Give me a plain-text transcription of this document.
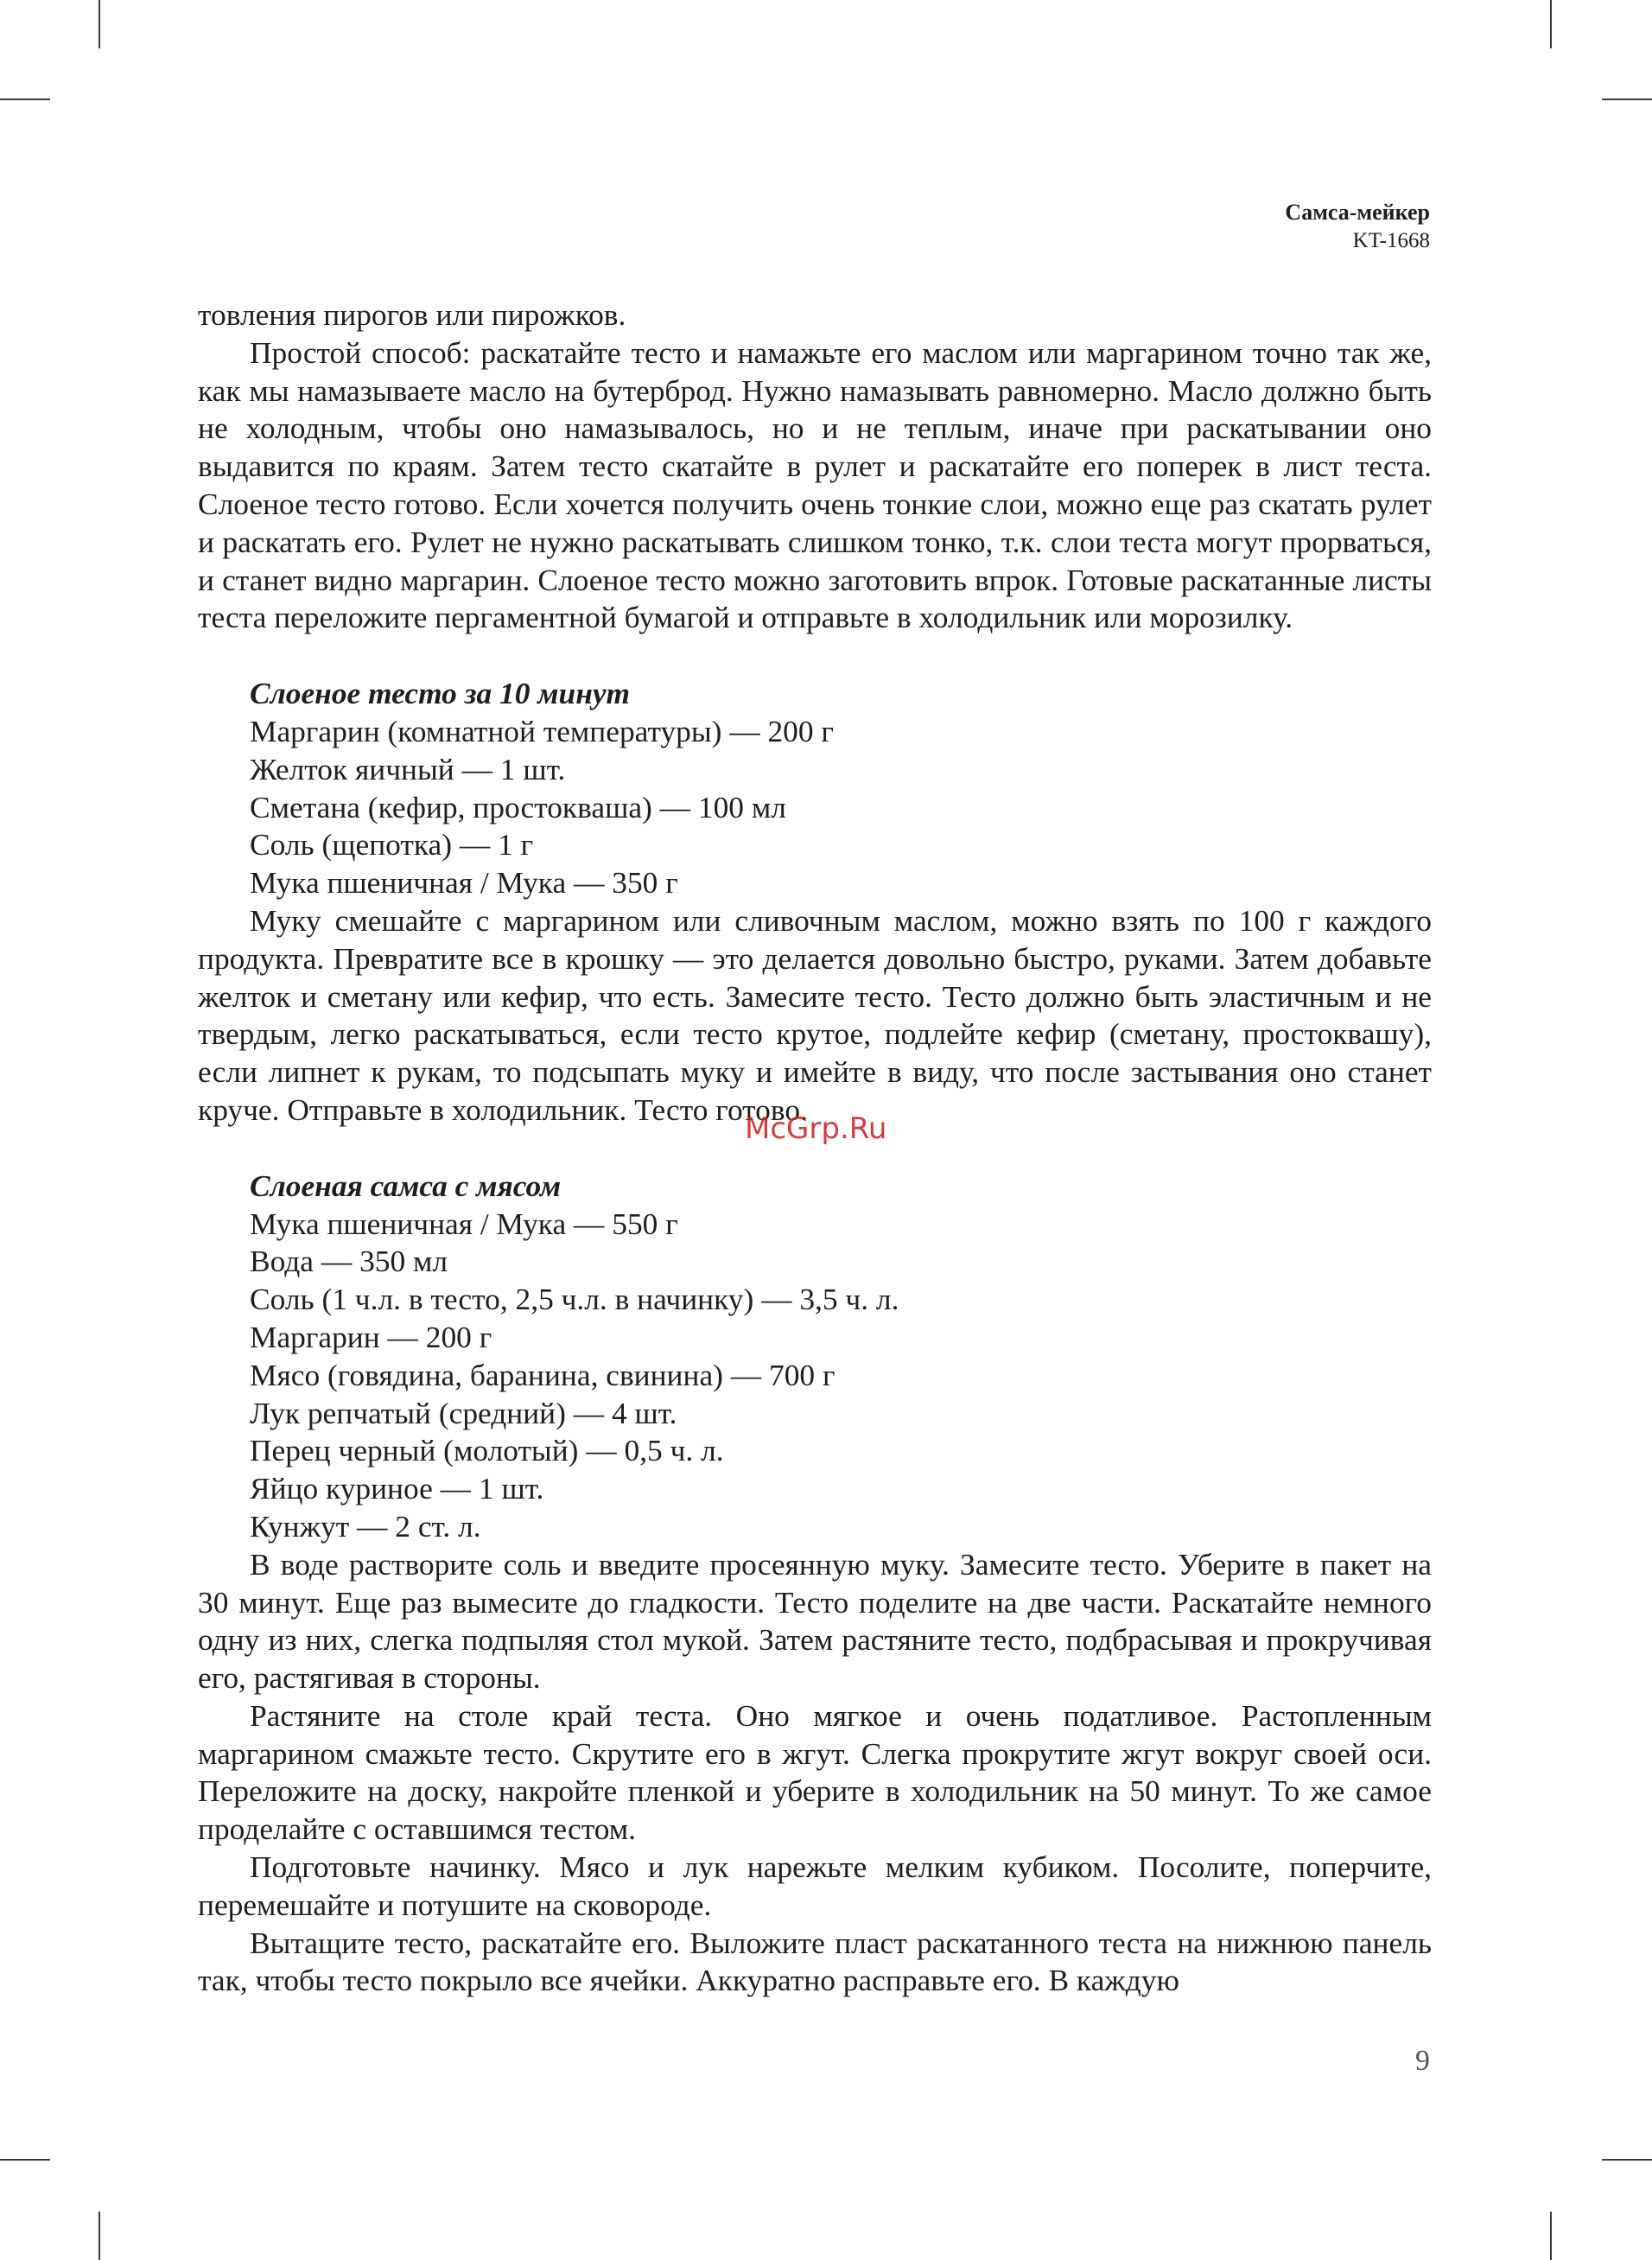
Самса-мейкер
KT-1668

товления пирогов или пирожков.

Простой способ: раскатайте тесто и намажьте его маслом или маргарином точно так же, как мы намазываете масло на бутерброд. Нужно намазывать равномерно. Масло должно быть не холодным, чтобы оно намазывалось, но и не теплым, иначе при раскатывании оно выдавится по краям. Затем тесто скатайте в рулет и раскатайте его поперек в лист теста. Слоеное тесто готово. Если хочется получить очень тонкие слои, можно еще раз скатать рулет и раскатать его. Рулет не нужно раскатывать слишком тонко, т.к. слои теста могут прорваться, и станет видно маргарин. Слоеное тесто можно заготовить впрок. Готовые раскатанные листы теста переложите пергаментной бумагой и отправьте в холодильник или морозилку.

Слоеное тесто за 10 минут
Маргарин (комнатной температуры) — 200 г
Желток яичный — 1 шт.
Сметана (кефир, простокваша) — 100 мл
Соль (щепотка) — 1 г
Мука пшеничная / Мука — 350 г

Муку смешайте с маргарином или сливочным маслом, можно взять по 100 г каждого продукта. Превратите все в крошку — это делается довольно быстро, руками. Затем добавьте желток и сметану или кефир, что есть. Замесите тесто. Тесто должно быть эластичным и не твердым, легко раскатываться, если тесто крутое, подлейте кефир (сметану, простоквашу), если липнет к рукам, то подсыпать муку и имейте в виду, что после застывания оно станет круче. Отправьте в холодильник. Тесто готово.

Слоеная самса с мясом
Мука пшеничная / Мука — 550 г
Вода — 350 мл
Соль (1 ч.л. в тесто, 2,5 ч.л. в начинку) — 3,5 ч. л.
Маргарин — 200 г
Мясо (говядина, баранина, свинина) — 700 г
Лук репчатый (средний) — 4 шт.
Перец черный (молотый) — 0,5 ч. л.
Яйцо куриное — 1 шт.
Кунжут — 2 ст. л.

В воде растворите соль и введите просеянную муку. Замесите тесто. Уберите в пакет на 30 минут. Еще раз вымесите до гладкости. Тесто поделите на две части. Раскатайте немного одну из них, слегка подпыляя стол мукой. Затем растяните тесто, подбрасывая и прокручивая его, растягивая в стороны.

Растяните на столе край теста. Оно мягкое и очень податливое. Растопленным маргарином смажьте тесто. Скрутите его в жгут. Слегка прокрутите жгут вокруг своей оси. Переложите на доску, накройте пленкой и уберите в холодильник на 50 минут. То же самое проделайте с оставшимся тестом.

Подготовьте начинку. Мясо и лук нарежьте мелким кубиком. Посолите, поперчите, перемешайте и потушите на сковороде.

Вытащите тесто, раскатайте его. Выложите пласт раскатанного теста на нижнюю панель так, чтобы тесто покрыло все ячейки. Аккуратно расправьте его. В каждую

McGrp.Ru
9
